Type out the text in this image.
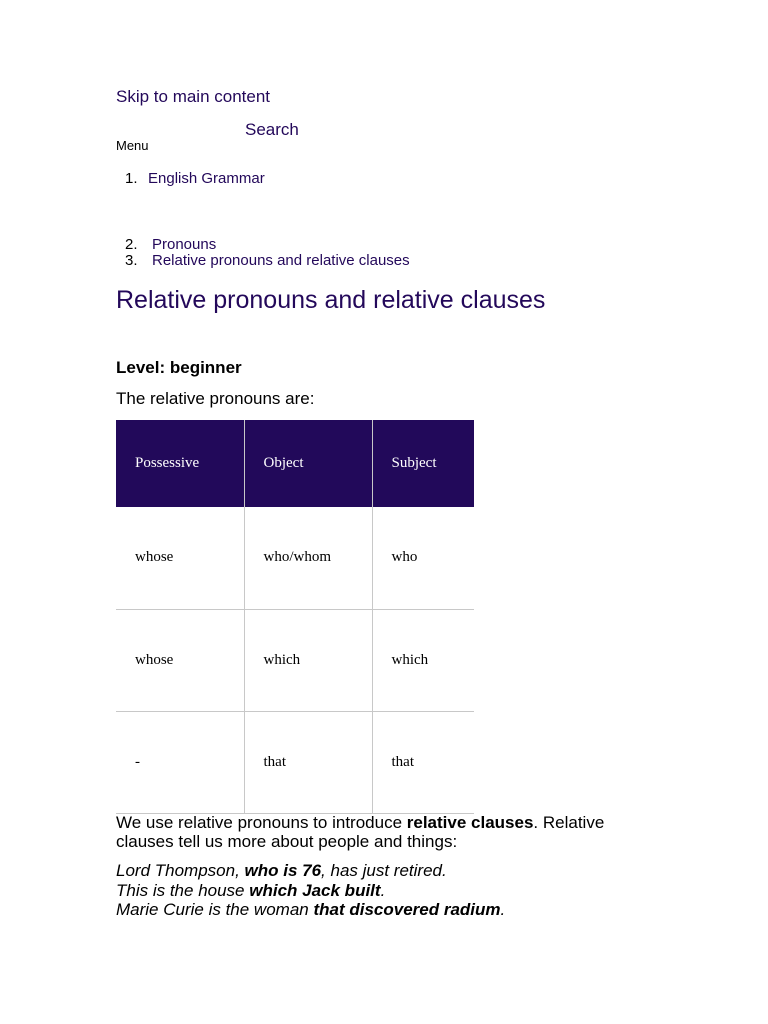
Skip to main content
Search
Menu
1. English Grammar
2. Pronouns
3. Relative pronouns and relative clauses
Relative pronouns and relative clauses
Level: beginner
The relative pronouns are:
Possessive	Object	Subject
whose	who/whom	who
whose	which	which
-	that	that

We use relative pronouns to introduce relative clauses. Relative clauses tell us more about people and things:

Lord Thompson, who is 76, has just retired.
This is the house which Jack built.
Marie Curie is the woman that discovered radium.
